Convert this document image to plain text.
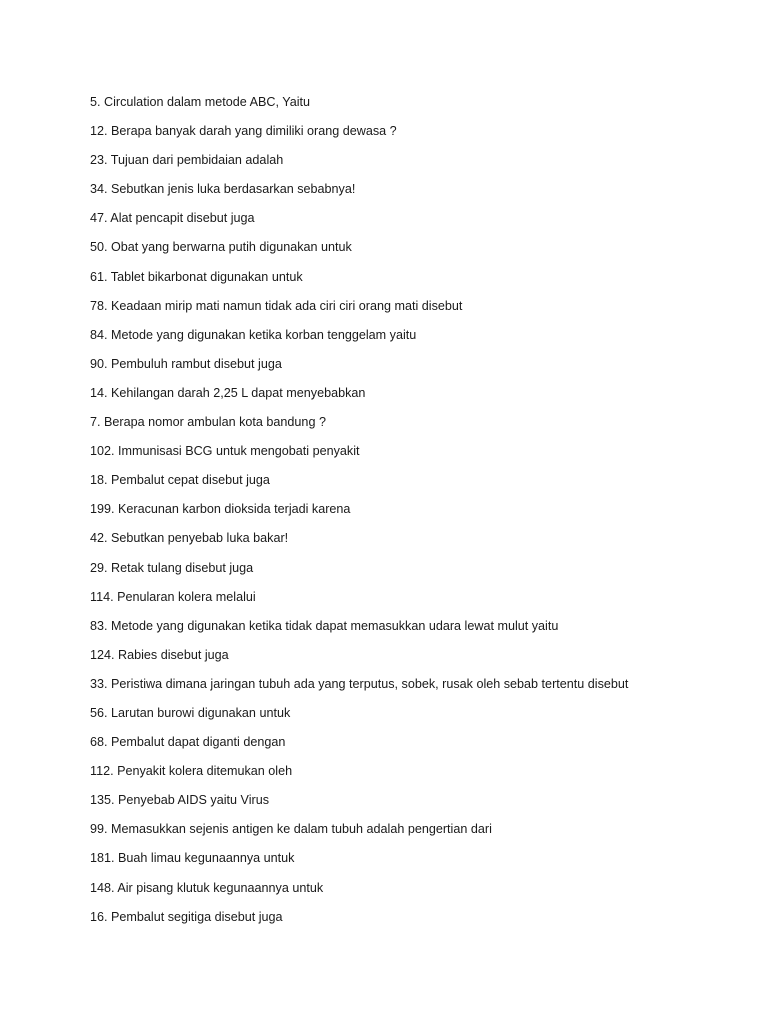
5. Circulation dalam metode ABC, Yaitu
12. Berapa banyak darah yang dimiliki orang dewasa ?
23. Tujuan dari pembidaian adalah
34. Sebutkan jenis luka berdasarkan sebabnya!
47. Alat pencapit disebut juga
50. Obat yang berwarna putih digunakan untuk
61. Tablet bikarbonat digunakan untuk
78. Keadaan mirip mati namun tidak ada ciri ciri orang mati disebut
84. Metode yang digunakan ketika korban tenggelam yaitu
90. Pembuluh rambut disebut juga
14. Kehilangan darah 2,25 L dapat menyebabkan
7. Berapa nomor ambulan kota bandung ?
102. Immunisasi BCG untuk mengobati penyakit
18. Pembalut cepat disebut juga
199. Keracunan karbon dioksida terjadi karena
42. Sebutkan penyebab luka bakar!
29. Retak tulang disebut juga
114. Penularan kolera melalui
83. Metode yang digunakan ketika tidak dapat memasukkan udara lewat mulut yaitu
124. Rabies disebut juga
33. Peristiwa dimana jaringan tubuh ada yang terputus, sobek, rusak oleh sebab tertentu disebut
56. Larutan burowi digunakan untuk
68. Pembalut dapat diganti dengan
112. Penyakit kolera ditemukan oleh
135. Penyebab AIDS yaitu Virus
99. Memasukkan sejenis antigen ke dalam tubuh adalah pengertian dari
181. Buah limau kegunaannya untuk
148. Air pisang klutuk kegunaannya untuk
16. Pembalut segitiga disebut juga
